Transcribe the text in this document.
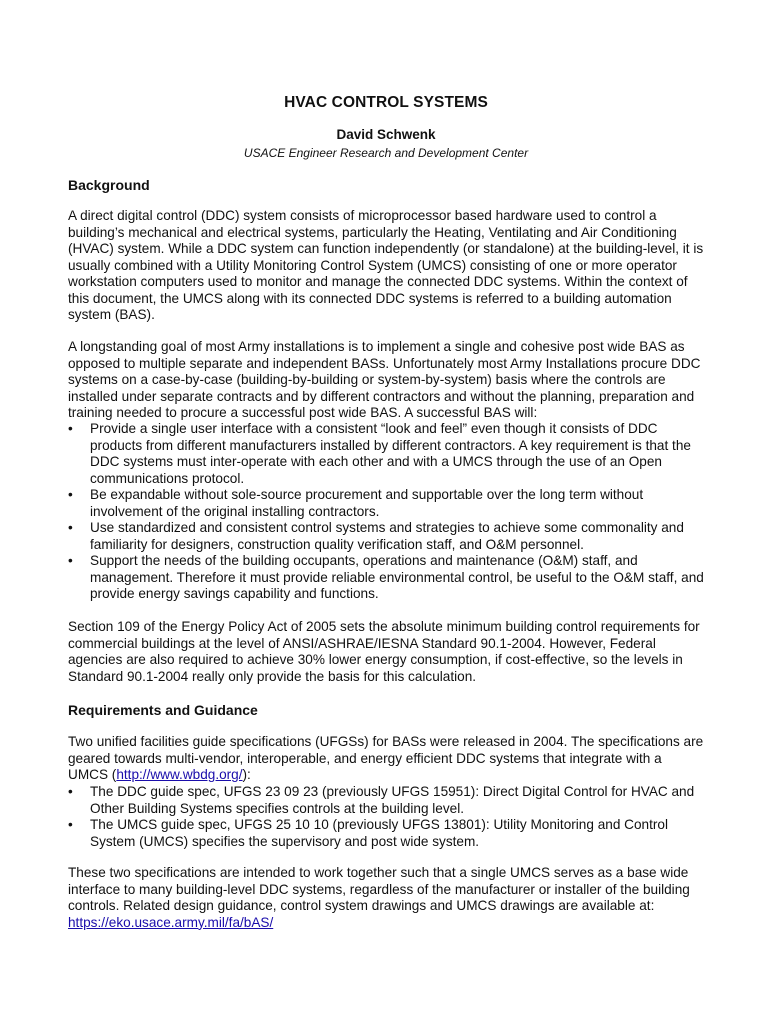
HVAC CONTROL SYSTEMS
David Schwenk
USACE Engineer Research and Development Center
Background

A direct digital control (DDC) system consists of microprocessor based hardware used to control a building’s mechanical and electrical systems, particularly the Heating, Ventilating and Air Conditioning (HVAC) system. While a DDC system can function independently (or standalone) at the building-level, it is usually combined with a Utility Monitoring Control System (UMCS) consisting of one or more operator workstation computers used to monitor and manage the connected DDC systems. Within the context of this document, the UMCS along with its connected DDC systems is referred to a building automation system (BAS).

A longstanding goal of most Army installations is to implement a single and cohesive post wide BAS as opposed to multiple separate and independent BASs. Unfortunately most Army Installations procure DDC systems on a case-by-case (building-by-building or system-by-system) basis where the controls are installed under separate contracts and by different contractors and without the planning, preparation and training needed to procure a successful post wide BAS. A successful BAS will:

• Provide a single user interface with a consistent “look and feel” even though it consists of DDC products from different manufacturers installed by different contractors. A key requirement is that the DDC systems must inter-operate with each other and with a UMCS through the use of an Open communications protocol.
• Be expandable without sole-source procurement and supportable over the long term without involvement of the original installing contractors.
• Use standardized and consistent control systems and strategies to achieve some commonality and familiarity for designers, construction quality verification staff, and O&M personnel.
• Support the needs of the building occupants, operations and maintenance (O&M) staff, and management. Therefore it must provide reliable environmental control, be useful to the O&M staff, and provide energy savings capability and functions.

Section 109 of the Energy Policy Act of 2005 sets the absolute minimum building control requirements for commercial buildings at the level of ANSI/ASHRAE/IESNA Standard 90.1-2004. However, Federal agencies are also required to achieve 30% lower energy consumption, if cost-effective, so the levels in Standard 90.1-2004 really only provide the basis for this calculation.

Requirements and Guidance

Two unified facilities guide specifications (UFGSs) for BASs were released in 2004. The specifications are geared towards multi-vendor, interoperable, and energy efficient DDC systems that integrate with a UMCS (http://www.wbdg.org/):

• The DDC guide spec, UFGS 23 09 23 (previously UFGS 15951): Direct Digital Control for HVAC and Other Building Systems specifies controls at the building level.
• The UMCS guide spec, UFGS 25 10 10 (previously UFGS 13801): Utility Monitoring and Control System (UMCS) specifies the supervisory and post wide system.

These two specifications are intended to work together such that a single UMCS serves as a base wide interface to many building-level DDC systems, regardless of the manufacturer or installer of the building controls. Related design guidance, control system drawings and UMCS drawings are available at: https://eko.usace.army.mil/fa/bAS/
